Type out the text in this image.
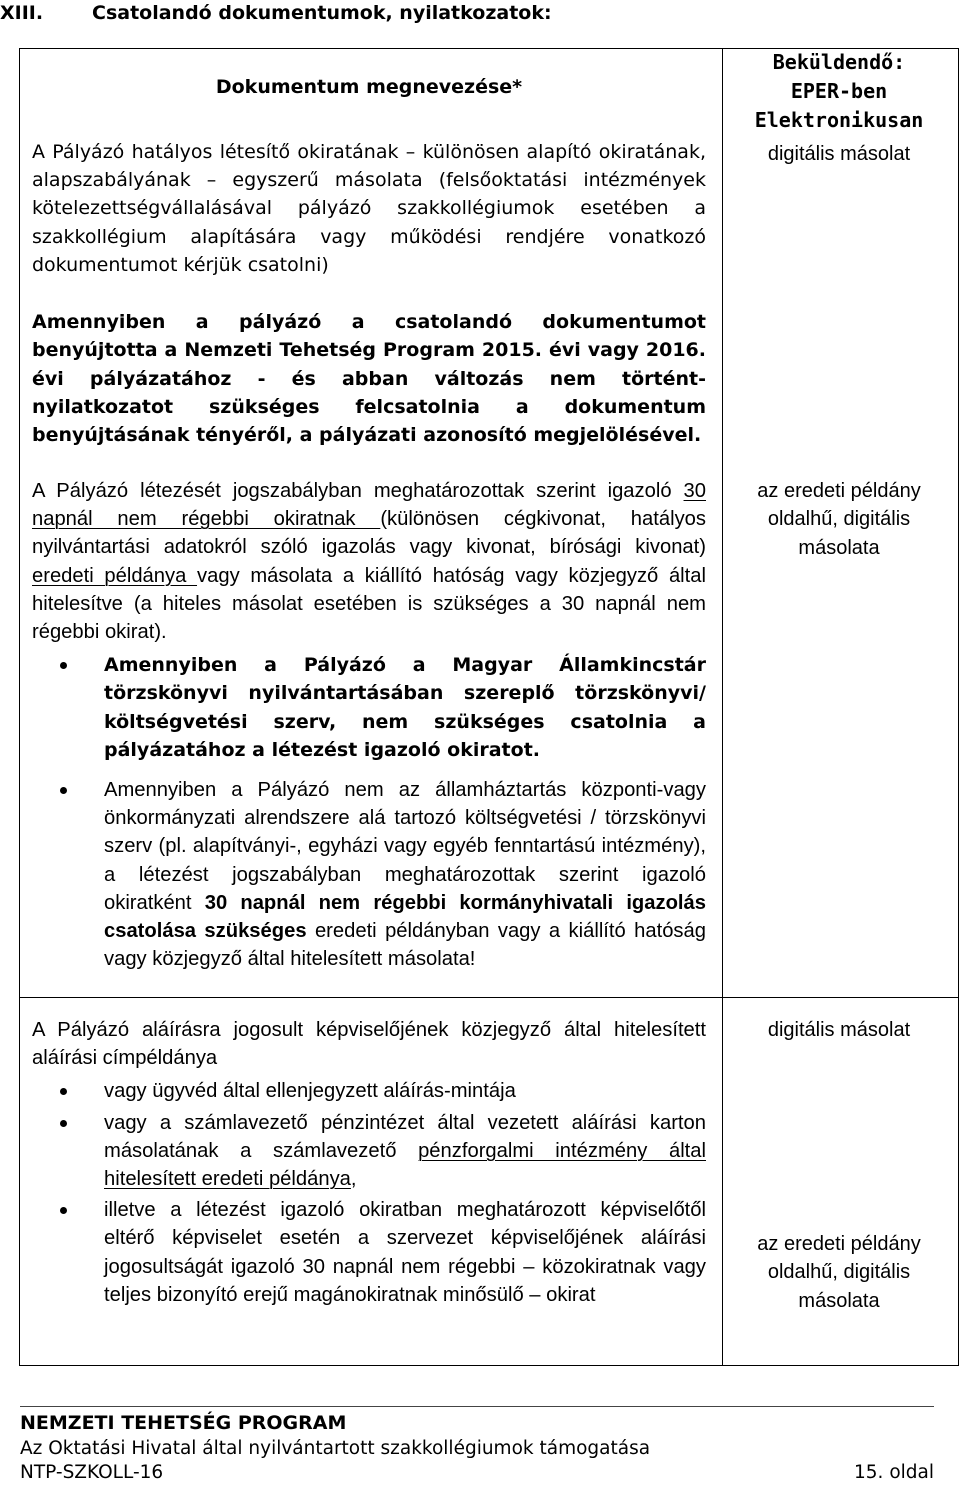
XIII.	Csatolandó dokumentumok, nyilatkozatok:
Dokumentum megnevezése*
Beküldendő:
EPER-ben
Elektronikusan

A Pályázó hatályos létesítő okiratának – különösen alapító okiratának, alapszabályának – egyszerű másolata (felsőoktatási intézmények kötelezettségvállalásával pályázó szakkollégiumok esetében a szakkollégium alapítására vagy működési rendjére vonatkozó dokumentumot kérjük csatolni)

digitális másolat

Amennyiben a pályázó a csatolandó dokumentumot benyújtotta a Nemzeti Tehetség Program 2015. évi vagy 2016. évi pályázatához - és abban változás nem történt- nyilatkozatot szükséges felcsatolnia a dokumentum benyújtásának tényéről, a pályázati azonosító megjelölésével.

A Pályázó létezését jogszabályban meghatározottak szerint igazoló 30 napnál nem régebbi okiratnak (különösen cégkivonat, hatályos nyilvántartási adatokról szóló igazolás vagy kivonat, bírósági kivonat) eredeti példánya vagy másolata a kiállító hatóság vagy közjegyző által hitelesítve (a hiteles másolat esetében is szükséges a 30 napnál nem régebbi okirat).

Amennyiben a Pályázó a Magyar Államkincstár törzskönyvi nyilvántartásában szereplő törzskönyvi/ költségvetési szerv, nem szükséges csatolnia a pályázatához a létezést igazoló okiratot.

Amennyiben a Pályázó nem az államháztartás központi-vagy önkormányzati alrendszere alá tartozó költségvetési / törzskönyvi szerv (pl. alapítványi-, egyházi vagy egyéb fenntartású intézmény), a létezést jogszabályban meghatározottak szerint igazoló okiratként 30 napnál nem régebbi kormányhivatali igazolás csatolása szükséges eredeti példányban vagy a kiállító hatóság vagy közjegyző által hitelesített másolata!

az eredeti példány oldalhű, digitális másolata

A Pályázó aláírásra jogosult képviselőjének közjegyző által hitelesített aláírási címpéldánya

vagy ügyvéd által ellenjegyzett aláírás-mintája

vagy a számlavezető pénzintézet által vezetett aláírási karton másolatának a számlavezető pénzforgalmi intézmény által hitelesített eredeti példánya,

illetve a létezést igazoló okiratban meghatározott képviselőtől eltérő képviselet esetén a szervezet képviselőjének aláírási jogosultságát igazoló 30 napnál nem régebbi – közokiratnak vagy teljes bizonyító erejű magánokiratnak minősülő – okirat

digitális másolat
az eredeti példány oldalhű, digitális másolata
NEMZETI TEHETSÉG PROGRAM
Az Oktatási Hivatal által nyilvántartott szakkollégiumok támogatása
NTP-SZKOLL-16	15. oldal
